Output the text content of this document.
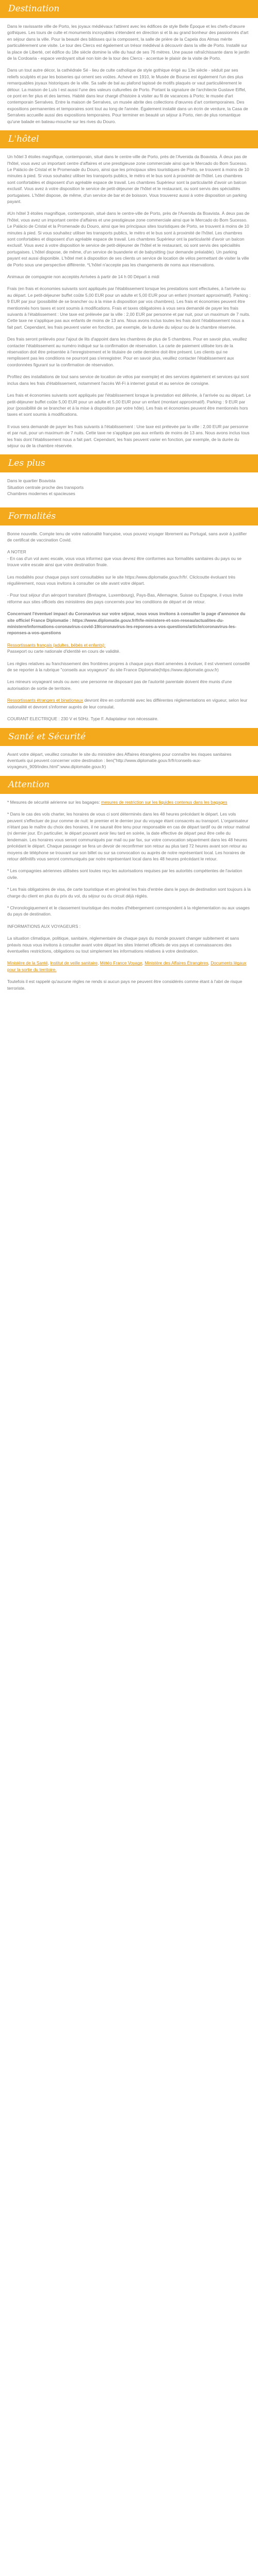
Destination

Dans le ravissante ville de Porto, les joyaux médiévaux l'attirent avec les édifices de style Belle Époque et les chefs-d'œuvre gothiques. Les tours de culte et monuments incroyables s'étendent en direction si et là au grand bonheur des passionnés d'art en séjour dans la ville. Pour la beauté des bâtisses qui la composent, la salle de prière de la Capela dos Almas mérite particulièrement une visite. Le tour des Clercs est également un trésor médiéval à découvrir dans la ville de Porto. Installé sur la place de Liberté, cet édifice du 18e siècle domine la ville du haut de ses 76 mètres. Une pause rafraîchissante dans le jardin de la Cordoaria - espace verdoyant situé non loin de la tour des Clercs - accentue le plaisir de la visite de Porto.

Dans un tout autre décor, la cathédrale Sé - lieu de culte catholique de style gothique érigé au 13e siècle - séduit par ses reliefs sculptés et par les boiseries qui ornent ses voûtes. Achevé en 1910, le Musée de Bourse est également l'un des plus remarquables joyaux historiques de la ville. Sa salle de bal au plafond tapissé de motifs plaqués or vaut particulièrement le détour. La maison de Luís I est aussi l'une des valeurs culturelles de Porto. Portant la signature de l'architecte Gustave Eiffel, ce pont en fer plus et des larmes. Habité dans leur chargé d'histoire à visiter au fil de vacances à Porto; le musée d'art contemporain Serralves. Entre la maison de Serralves, un musée abrite des collections d'œuvres d'art contemporaines. Des expositions permanentes et temporaires sont tout au long de l'année. Également installé dans un écrin de verdure, la Casa de Serralves accueille aussi des expositions temporaires. Pour terminer en beauté un séjour à Porto, rien de plus romantique qu'une balade en bateau-mouche sur les rives du Douro.

L'hôtel

Un hôtel 3 étoiles magnifique, contemporain, situé dans le centre-ville de Porto, près de l'Avenida da Boavista. À deux pas de l'hôtel, vous avez un important centre d'affaires et une prestigieuse zone commerciale ainsi que le Mercado do Bom Sucesso. Le Palácio de Cristal et le Promenade du Douro, ainsi que les principaux sites touristiques de Porto, se trouvent à moins de 10 minutes à pied. Si vous souhaitez utiliser les transports publics, le métro et le bus sont à proximité de l'hôtel. Les chambres sont confortables et disposent d'un agréable espace de travail. Les chambres Supérieur sont la particularité d'avoir un balcon exclusif. Vous avez à votre disposition le service de petit-déjeuner de l'hôtel et le restaurant, ou sont servis des spécialités portugaises. L'hôtel dispose, de même, d'un service de bar et de boisson. Vous trouverez aussi à votre disposition un parking payant.

#Un hôtel 3 étoiles magnifique, contemporain, situé dans le centre-ville de Porto, près de l'Avenida da Boavista. À deux pas de l'hôtel, vous avez un important centre d'affaires et une prestigieuse zone commerciale ainsi que le Mercado do Bom Sucesso. Le Palácio de Cristal et la Promenade du Douro, ainsi que les principaux sites touristiques de Porto, se trouvent à moins de 10 minutes à pied. Si vous souhaitez utiliser les transports publics, le métro et le bus sont à proximité de l'hôtel. Les chambres sont confortables et disposent d'un agréable espace de travail. Les chambres Supérieur ont la particularité d'avoir un balcon exclusif. Vous avez à votre disposition le service de petit-déjeuner de l'hôtel et le restaurant, où sont servis des spécialités portugaises. L'hôtel dispose, de même, d'un service de buanderie et de babysitting (sur demande préalable). Un parking payant est aussi disponible. L'hôtel met à disposition de ses clients un service de location de vélos permettant de visiter la ville de Porto sous une perspective différente. *L'hôtel n'accepte pas les changements de noms aux réservations.

Animaux de compagnie non acceptés Arrivées à partir de 14 h 00 Départ à midi

Frais (en frais et économies suivants sont appliqués par l'établissement lorsque les prestations sont effectuées, à l'arrivée ou au départ. Le petit-déjeuner buffet coûte 5,00 EUR pour un adulte et 5,00 EUR pour un enfant (montant approximatif). Parking : 9 EUR par jour (possibilité de se brancher ou à la mise à disposition par vos chambres). Les frais et économies peuvent être mentionnés hors taxes et sont soumis à modifications. Frais et taxes obligatoires à vous sera demandé de payer les frais suivants à l'établissement : Une taxe est prélevée par la ville : 2,00 EUR par personne et par nuit, pour un maximum de 7 nuits. Cette taxe ne s'applique pas aux enfants de moins de 13 ans. Nous avons inclus toutes les frais dont l'établissement nous a fait part. Cependant, les frais peuvent varier en fonction, par exemple, de la durée du séjour ou de la chambre réservée.

Des frais seront prélevés pour l'ajout de lits d'appoint dans les chambres de plus de 5 chambres. Pour en savoir plus, veuillez contacter l'établissement au numéro indiqué sur la confirmation de réservation. La carte de paiement utilisée lors de la réservation doit être présentée à l'enregistrement et le titulaire de cette dernière doit être présent. Les clients qui ne remplissent pas les conditions ne pourront pas s'enregistrer. Pour en savoir plus, veuillez contacter l'établissement aux coordonnées figurant sur la confirmation de réservation.

Profitez des installations de tout sans service de location de vélos par exemple) et des services également et services qui sont inclus dans les frais d'établissement, notamment l'accès Wi-Fi à internet gratuit et au service de consigne.

Les frais et économies suivants sont appliqués par l'établissement lorsque la prestation est délivrée, à l'arrivée ou au départ. Le petit-déjeuner buffet coûte 5,00 EUR pour un adulte et 5,00 EUR pour un enfant (montant approximatif). Parking : 9 EUR par jour (possibilité de se brancher et à la mise à disposition par votre hôte). Les frais et économies peuvent être mentionnés hors taxes et sont soumis à modifications.

Il vous sera demandé de payer les frais suivants à l'établissement : Une taxe est prélevée par la ville : 2,00 EUR par personne et par nuit, pour un maximum de 7 nuits. Cette taxe ne s'applique pas aux enfants de moins de 13 ans. Nous avons inclus tous les frais dont l'établissement nous a fait part. Cependant, les frais peuvent varier en fonction, par exemple, de la durée du séjour ou de la chambre réservée.

Les plus
Dans le quartier Boavista
Situation centrale proche des transports
Chambres modernes et spacieuses
Formalités

Bonne nouvelle. Compte tenu de votre nationalité française, vous pouvez voyager librement au Portugal, sans avoir à justifier de certificat de vaccination Covid.

A NOTER

- En cas d'un vol avec escale, vous vous informez que vous devrez être conformes aux formalités sanitaires du pays ou se trouve votre escale ainsi que votre destination finale.

Les modalités pour chaque pays sont consultables sur le site https://www.diplomatie.gouv.fr/fr/. Cliclcoutte évoluant très régulièrement, nous vous invitons à consulter ce site avant votre départ.

- Pour tout séjour d'un aéroport transitant (Bretagne, Luxembourg), Pays-Bas, Allemagne, Suisse ou Espagne, il vous invite réforme aux sites officiels des ministères des pays concernés pour les conditions de départ et de retour.

Concernant l'éventuel impact du Coronavirus sur votre séjour, nous vous invitons à consulter la page d'annonce du site officiel France Diplomatie : https://www.diplomatie.gouv.fr/fr/le-ministere-et-son-reseau/actualites-du-ministere/informations-coronavirus-covid-19/coronavirus-les-reponses-a-vos-questions/article/coronavirus-les-reponses-a-vos-questions

Ressortissants français (adultes, bébés et enfants):

Passeport ou carte nationale d'identité en cours de validité.

Les règles relatives au franchissement des frontières propres à chaque pays étant amenées à évoluer, il est vivement conseillé de se reporter à la rubrique "conseils aux voyageurs" du site France Diplomatie(https://www.diplomatie.gouv.fr)

Les mineurs voyageant seuls ou avec une personne ne disposant pas de l'autorité parentale doivent être munis d'une autorisation de sortie de territoire.

Ressortissants étrangers et binationaux devront être en conformité avec les différentes réglementations en vigueur, selon leur nationalité et devront s'informer auprès de leur consulat.

COURANT ELECTRIQUE : 230 V et 50Hz. Type F. Adaptateur non nécessaire.

Santé et Sécurité

Avant votre départ, veuillez consulter le site du ministère des Affaires étrangères pour connaître les risques sanitaires éventuels qui peuvent concerner votre destination : lien("http://www.diplomatie.gouv.fr/fr/conseils-aux-voyageurs_909/index.html":www.diplomatie.gouv.fr)

Attention

* Mesures de sécurité aérienne sur les bagages: mesures de restriction sur les liquides contenus dans les bagages

* Dans le cas des vols charter, les horaires de vous ci sont déterminés dans les 48 heures précédant le départ. Les vols peuvent s'effectuer de jour comme de nuit: le premier et le dernier jour du voyage étant consacrés au transport. L'organisateur n'étant pas le maître du choix des horaires, il ne saurait être tenu pour responsable en cas de départ tardif ou de retour matinal (ni dernier jour. En particulier, le départ pouvant avoir lieu tard en soirée, la date effective de départ peut être celle du lendemain. Les horaires vous seront communiqués par mail ou par fax, sur votre convocation séparément dans les 48 heures précédant le départ. Chaque passager se fera un devoir de reconfirmer son retour au plus tard 72 heures avant son retour au moyens de téléphone se trouvant sur son billet ou sur sa convocation ou auprès de notre représentant local. Les horaires de retour définitifs vous seront communiqués par notre représentant local dans les 48 heures précédant le retour.

* Les compagnies aériennes utilisées sont toutes reçu les autorisations requises par les autorités compétentes de l'aviation civile.

* Les frais obligatoires de visa, de carte touristique et en général les frais d'entrée dans le pays de destination sont toujours à la charge du client en plus du prix du vol, du séjour ou du circuit déjà réglés.

* Chronologiquement et le classement touristique des modes d'hébergement correspondent à la réglementation ou aux usages du pays de destination.

INFORMATIONS AUX VOYAGEURS :

La situation climatique, politique, sanitaire, réglementaire de chaque pays du monde pouvant changer subitement et sans préavis nous vous invitons à consulter avant votre départ les sites Internet officiels de vos pays et connaissances des éventuelles restrictions, obligations ou tout simplement les informations relatives à votre destination.

Ministère de la Santé, Institut de veille sanitaire, Météo France Voyage, Ministère des Affaires Étrangères, Documents légaux pour la sortie du territoire.

Toutefois il est rappelé qu'aucune règles ne rends si aucun pays ne peuvent être considérés comme étant à l'abri de risque terroriste.
